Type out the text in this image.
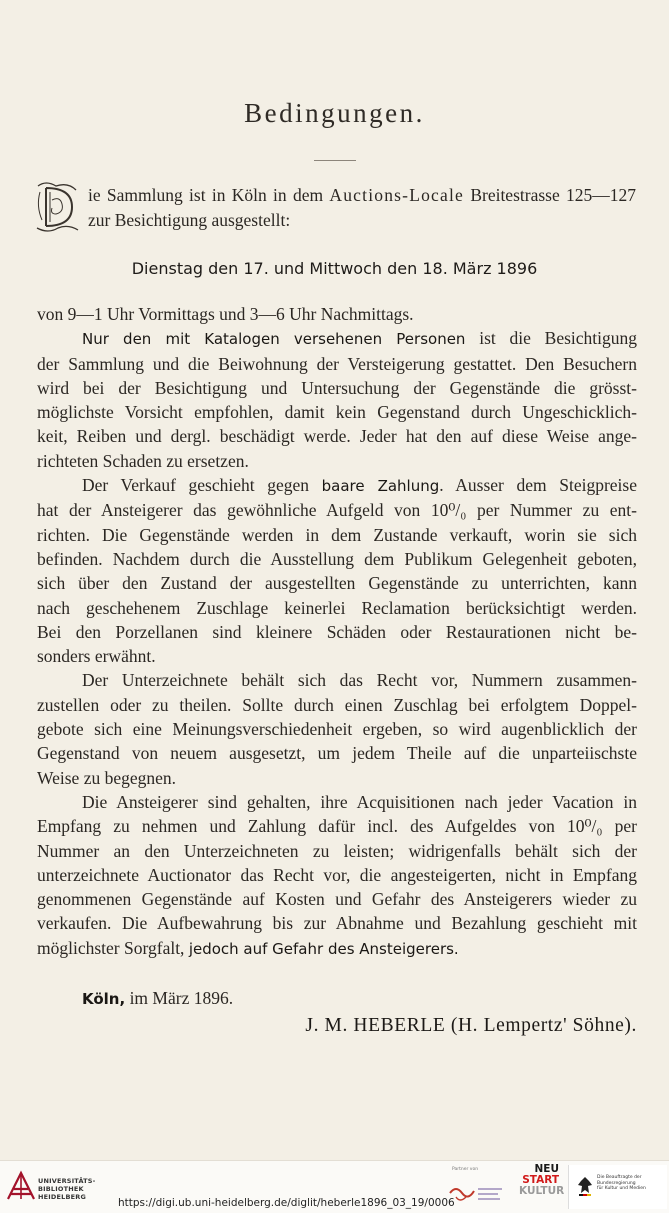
Bedingungen.
ie Sammlung ist in Köln in dem Auctions-Locale Breitestrasse 125—127
zur Besichtigung ausgestellt:
Dienstag den 17. und Mittwoch den 18. März 1896
von 9—1 Uhr Vormittags und 3—6 Uhr Nachmittags.
Nur den mit Katalogen versehenen Personen ist die Besichtigung
der Sammlung und die Beiwohnung der Versteigerung gestattet. Den Besuchern
wird bei der Besichtigung und Untersuchung der Gegenstände die grösst-
möglichste Vorsicht empfohlen, damit kein Gegenstand durch Ungeschicklich-
keit, Reiben und dergl. beschädigt werde. Jeder hat den auf diese Weise ange-
richteten Schaden zu ersetzen.
Der Verkauf geschieht gegen baare Zahlung. Ausser dem Steigpreise
hat der Ansteigerer das gewöhnliche Aufgeld von 10⁰/₀ per Nummer zu ent-
richten. Die Gegenstände werden in dem Zustande verkauft, worin sie sich
befinden. Nachdem durch die Ausstellung dem Publikum Gelegenheit geboten,
sich über den Zustand der ausgestellten Gegenstände zu unterrichten, kann
nach geschehenem Zuschlage keinerlei Reclamation berücksichtigt werden.
Bei den Porzellanen sind kleinere Schäden oder Restaurationen nicht be-
sonders erwähnt.
Der Unterzeichnete behält sich das Recht vor, Nummern zusammen-
zustellen oder zu theilen. Sollte durch einen Zuschlag bei erfolgtem Doppel-
gebote sich eine Meinungsverschiedenheit ergeben, so wird augenblicklich der
Gegenstand von neuem ausgesetzt, um jedem Theile auf die unparteiischste
Weise zu begegnen.
Die Ansteigerer sind gehalten, ihre Acquisitionen nach jeder Vacation in
Empfang zu nehmen und Zahlung dafür incl. des Aufgeldes von 10⁰/₀ per
Nummer an den Unterzeichneten zu leisten; widrigenfalls behält sich der
unterzeichnete Auctionator das Recht vor, die angesteigerten, nicht in Empfang
genommenen Gegenstände auf Kosten und Gefahr des Ansteigerers wieder zu
verkaufen. Die Aufbewahrung bis zur Abnahme und Bezahlung geschieht mit
möglichster Sorgfalt, jedoch auf Gefahr des Ansteigerers.
Köln, im März 1896.
J. M. HEBERLE (H. Lempertz' Söhne).
UNIVERSITÄTS-
BIBLIOTHEK
HEIDELBERG	https://digi.ub.uni-heidelberg.de/diglit/heberle1896_03_19/0006
Partner von	NEU
START
KULTUR
Die Beauftragte der Bundesregierung
für Kultur und Medien
